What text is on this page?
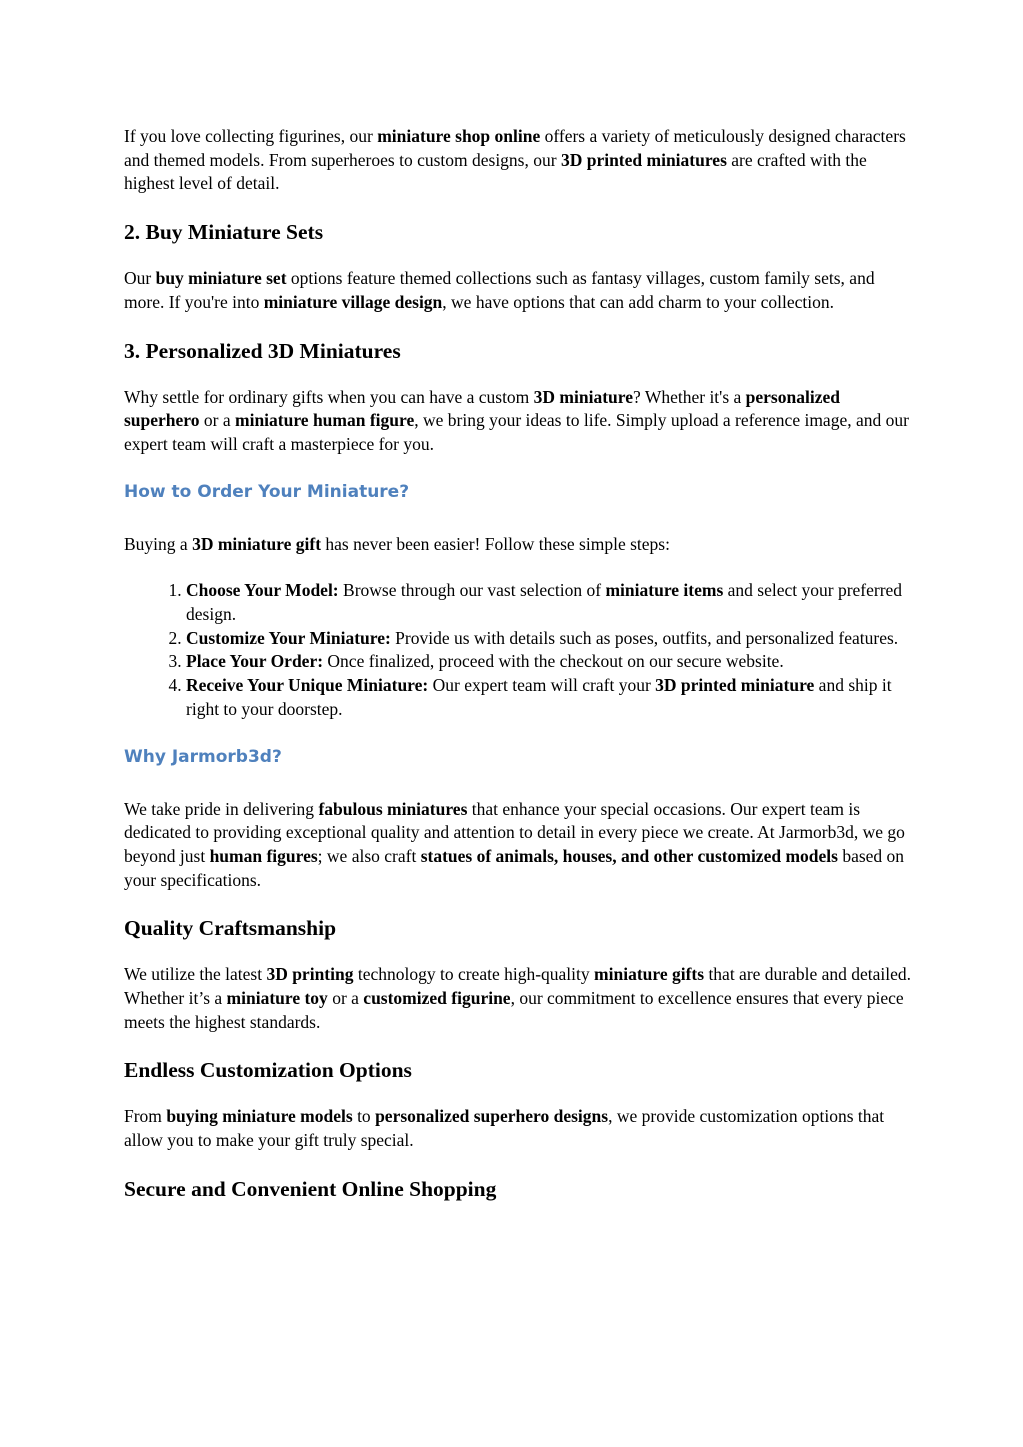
If you love collecting figurines, our miniature shop online offers a variety of meticulously designed characters and themed models. From superheroes to custom designs, our 3D printed miniatures are crafted with the highest level of detail.

2. Buy Miniature Sets

Our buy miniature set options feature themed collections such as fantasy villages, custom family sets, and more. If you're into miniature village design, we have options that can add charm to your collection.

3. Personalized 3D Miniatures

Why settle for ordinary gifts when you can have a custom 3D miniature? Whether it's a personalized superhero or a miniature human figure, we bring your ideas to life. Simply upload a reference image, and our expert team will craft a masterpiece for you.

How to Order Your Miniature?

Buying a 3D miniature gift has never been easier! Follow these simple steps:

1. Choose Your Model: Browse through our vast selection of miniature items and select your preferred design.
2. Customize Your Miniature: Provide us with details such as poses, outfits, and personalized features.
3. Place Your Order: Once finalized, proceed with the checkout on our secure website.
4. Receive Your Unique Miniature: Our expert team will craft your 3D printed miniature and ship it right to your doorstep.
Why Jarmorb3d?

We take pride in delivering fabulous miniatures that enhance your special occasions. Our expert team is dedicated to providing exceptional quality and attention to detail in every piece we create. At Jarmorb3d, we go beyond just human figures; we also craft statues of animals, houses, and other customized models based on your specifications.

Quality Craftsmanship

We utilize the latest 3D printing technology to create high-quality miniature gifts that are durable and detailed. Whether it’s a miniature toy or a customized figurine, our commitment to excellence ensures that every piece meets the highest standards.

Endless Customization Options

From buying miniature models to personalized superhero designs, we provide customization options that allow you to make your gift truly special.

Secure and Convenient Online Shopping
